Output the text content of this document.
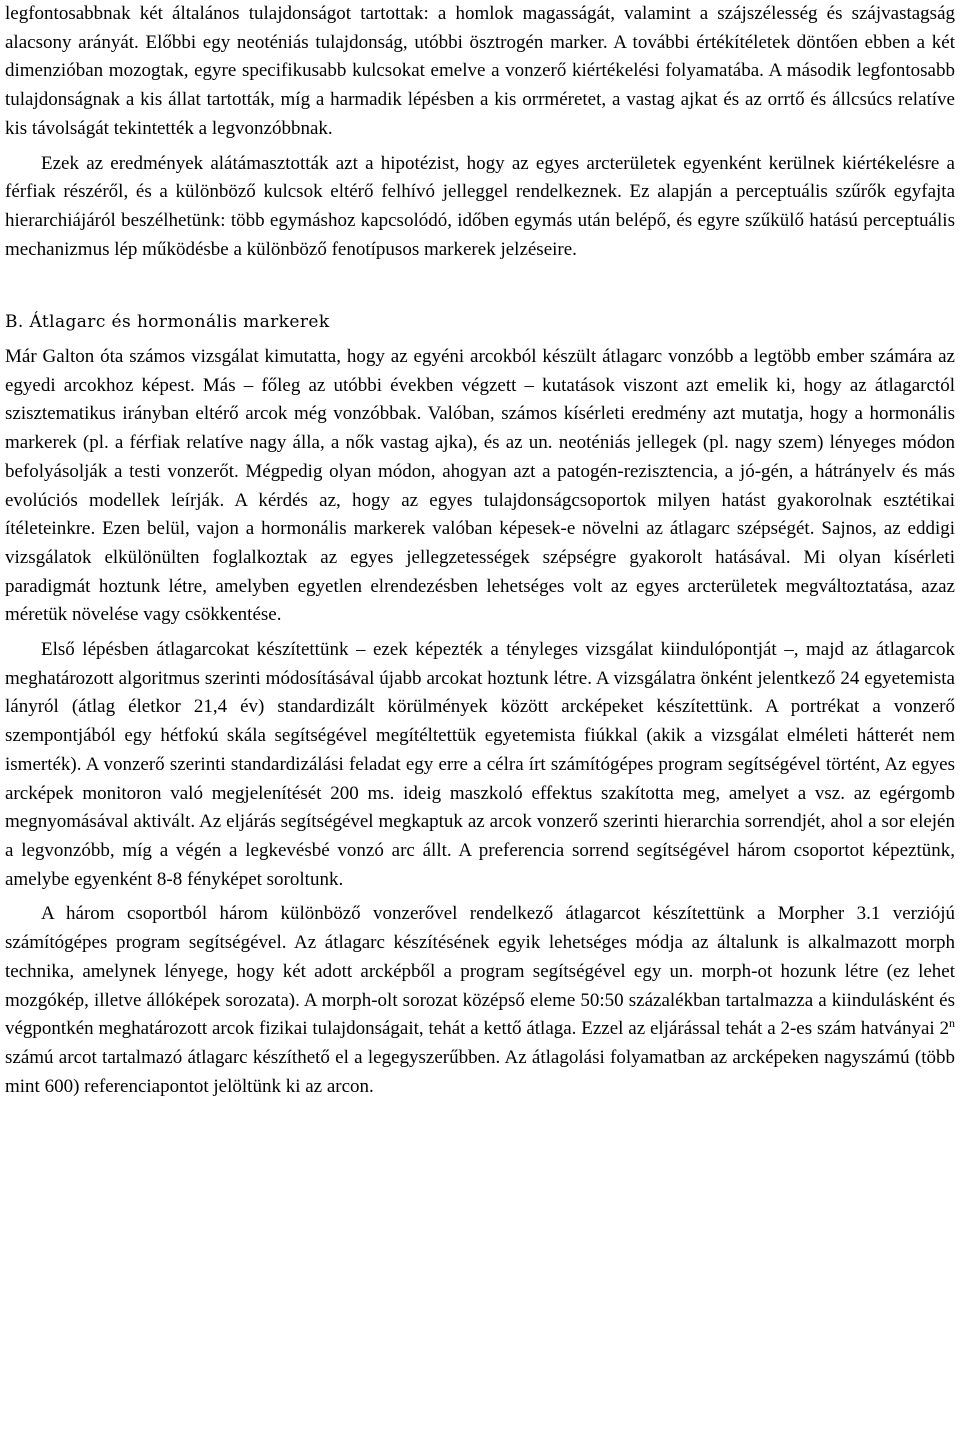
legfontosabbnak két általános tulajdonságot tartottak: a homlok magasságát, valamint a szájszélesség és szájvastagság alacsony arányát. Előbbi egy neoténiás tulajdonság, utóbbi ösztrogén marker. A további értékítéletek döntően ebben a két dimenzióban mozogtak, egyre specifikusabb kulcsokat emelve a vonzerő kiértékelési folyamatába. A második legfontosabb tulajdonságnak a kis állat tartották, míg a harmadik lépésben a kis orrméretet, a vastag ajkat és az orrtő és állcsúcs relatíve kis távolságát tekintették a legvonzóbbnak.

Ezek az eredmények alátámasztották azt a hipotézist, hogy az egyes arcterületek egyenként kerülnek kiértékelésre a férfiak részéről, és a különböző kulcsok eltérő felhívó jelleggel rendelkeznek. Ez alapján a perceptuális szűrők egyfajta hierarchiájáról beszélhetünk: több egymáshoz kapcsolódó, időben egymás után belépő, és egyre szűkülő hatású perceptuális mechanizmus lép működésbe a különböző fenotípusos markerek jelzéseire.

B. Átlagarc és hormonális markerek

Már Galton óta számos vizsgálat kimutatta, hogy az egyéni arcokból készült átlagarc vonzóbb a legtöbb ember számára az egyedi arcokhoz képest. Más – főleg az utóbbi években végzett – kutatások viszont azt emelik ki, hogy az átlagarctól szisztematikus irányban eltérő arcok még vonzóbbak. Valóban, számos kísérleti eredmény azt mutatja, hogy a hormonális markerek (pl. a férfiak relatíve nagy álla, a nők vastag ajka), és az un. neoténiás jellegek (pl. nagy szem) lényeges módon befolyásolják a testi vonzerőt. Mégpedig olyan módon, ahogyan azt a patogén-rezisztencia, a jó-gén, a hátrányelv és más evolúciós modellek leírják. A kérdés az, hogy az egyes tulajdonságcsoportok milyen hatást gyakorolnak esztétikai ítéleteinkre. Ezen belül, vajon a hormonális markerek valóban képesek-e növelni az átlagarc szépségét. Sajnos, az eddigi vizsgálatok elkülönülten foglalkoztak az egyes jellegzetességek szépségre gyakorolt hatásával. Mi olyan kísérleti paradigmát hoztunk létre, amelyben egyetlen elrendezésben lehetséges volt az egyes arcterületek megváltoztatása, azaz méretük növelése vagy csökkentése.

Első lépésben átlagarcokat készítettünk – ezek képezték a tényleges vizsgálat kiindulópontját –, majd az átlagarcok meghatározott algoritmus szerinti módosításával újabb arcokat hoztunk létre. A vizsgálatra önként jelentkező 24 egyetemista lányról (átlag életkor 21,4 év) standardizált körülmények között arcképeket készítettünk. A portrékat a vonzerő szempontjából egy hétfokú skála segítségével megítéltettük egyetemista fiúkkal (akik a vizsgálat elméleti hátterét nem ismerték). A vonzerő szerinti standardizálási feladat egy erre a célra írt számítógépes program segítségével történt, Az egyes arcképek monitoron való megjelenítését 200 ms. ideig maszkoló effektus szakította meg, amelyet a vsz. az egérgomb megnyomásával aktivált. Az eljárás segítségével megkaptuk az arcok vonzerő szerinti hierarchia sorrendjét, ahol a sor elején a legvonzóbb, míg a végén a legkevésbé vonzó arc állt. A preferencia sorrend segítségével három csoportot képeztünk, amelybe egyenként 8-8 fényképet soroltunk.

A három csoportból három különböző vonzerővel rendelkező átlagarcot készítettünk a Morpher 3.1 verziójú számítógépes program segítségével. Az átlagarc készítésének egyik lehetséges módja az általunk is alkalmazott morph technika, amelynek lényege, hogy két adott arcképből a program segítségével egy un. morph-ot hozunk létre (ez lehet mozgókép, illetve állóképek sorozata). A morph-olt sorozat középső eleme 50:50 százalékban tartalmazza a kiindulásként és végpontkén meghatározott arcok fizikai tulajdonságait, tehát a kettő átlaga. Ezzel az eljárással tehát a 2-es szám hatványai 2$^n$ számú arcot tartalmazó átlagarc készíthető el a legegyszerűbben. Az átlagolási folyamatban az arcképeken nagyszámú (több mint 600) referenciapontot jelöltünk ki az arcon.
